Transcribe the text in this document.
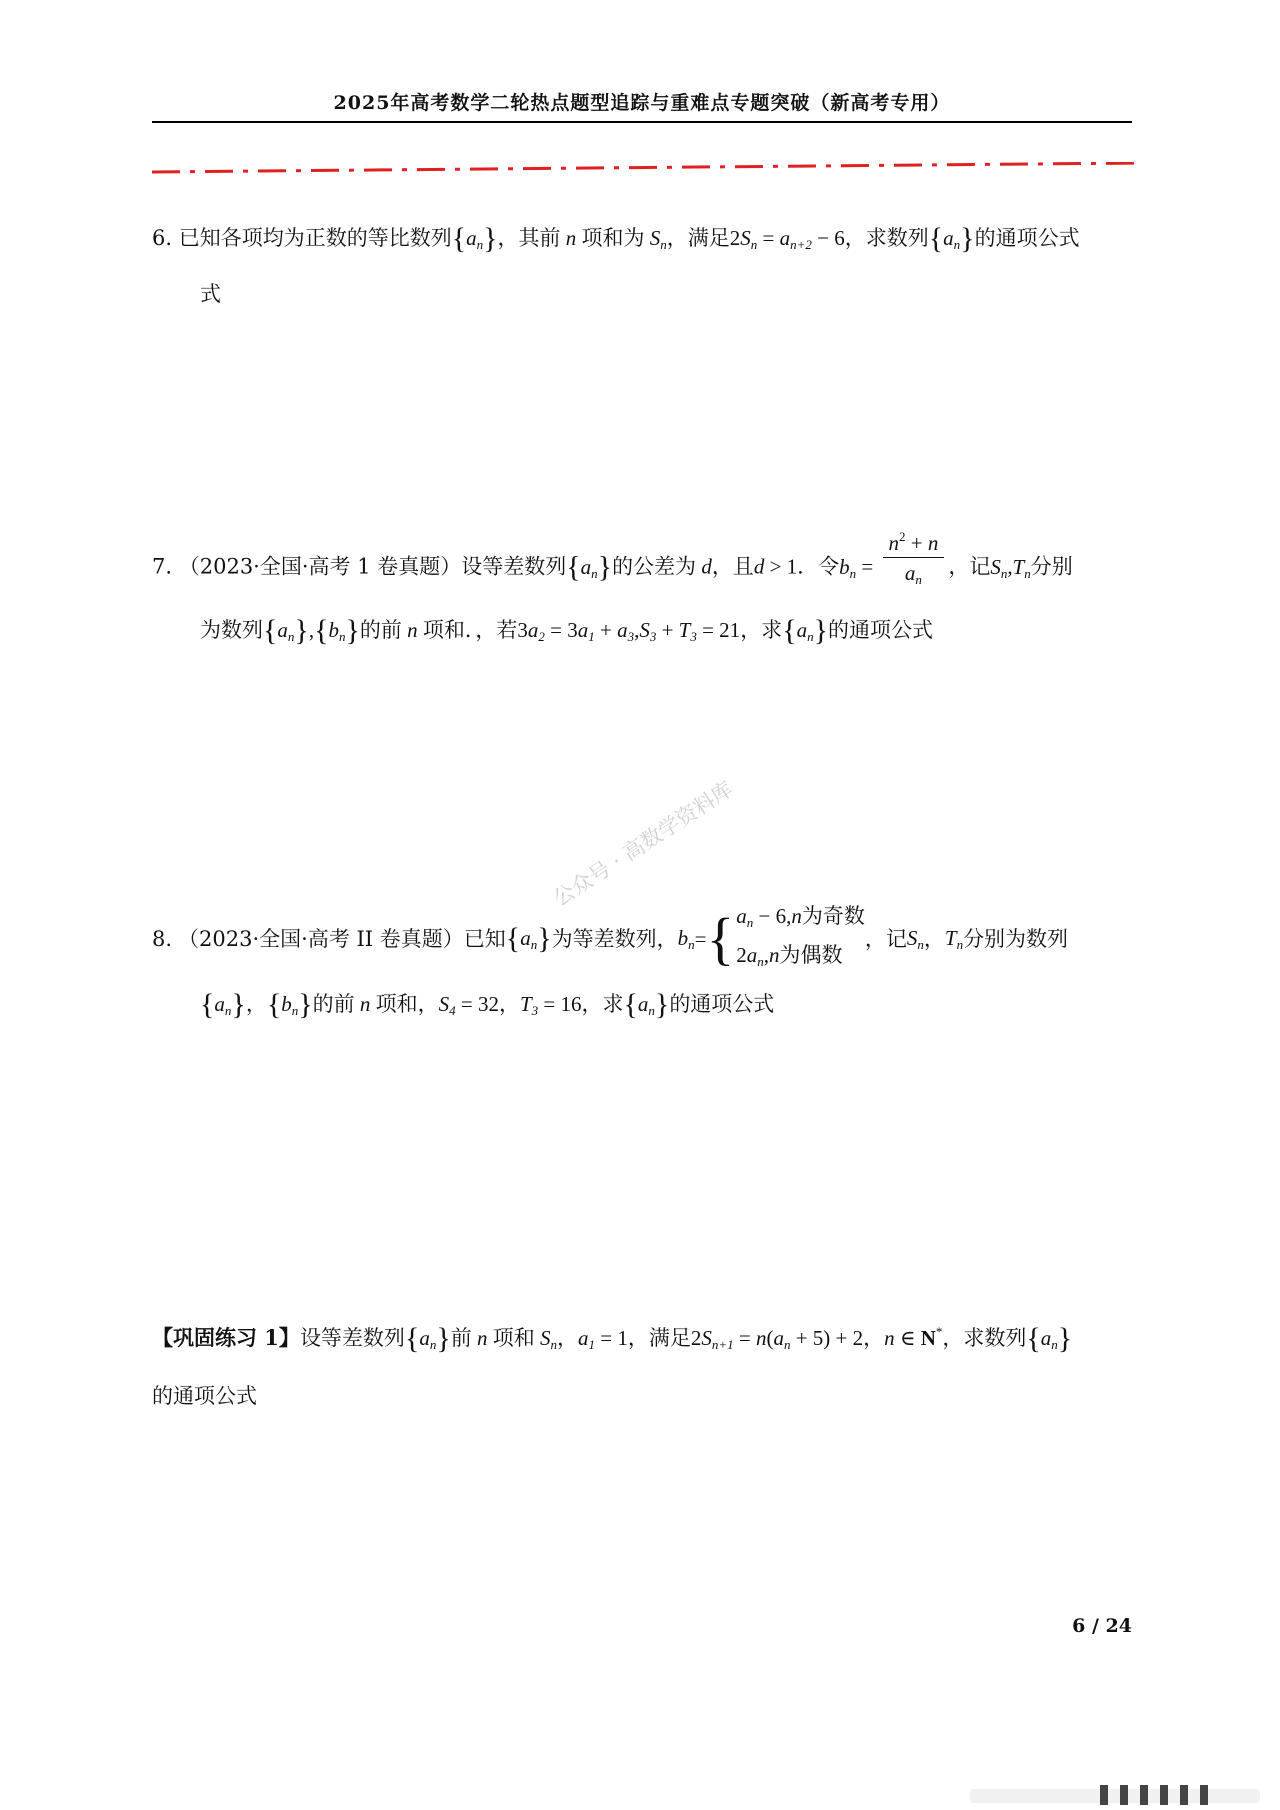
2025年高考数学二轮热点题型追踪与重难点专题突破（新高考专用）
6. 已知各项均为正数的等比数列$\{a_n\}$，其前 n 项和为 $S_n$，满足$2S_n = a_{n+2} - 6$，求数列$\{a_n\}$的通项公式
式
7. （2023·全国·高考 1 卷真题）设等差数列$\{a_n\}$的公差为 d，且d > 1．令$b_n = \frac{n^2 + n}{a_n}$ ，记$S_n,T_n$分别
为数列$\{a_n\},\{b_n\}$的前 n 项和．，若$3a_2 = 3a_1 + a_3,S_3 + T_3 = 21$，求$\{a_n\}$的通项公式
8. （2023·全国·高考 II 卷真题）已知 { $a_n$ } 为等差数列， $b_n$ = { $a_n - 6,n$为奇数
$2a_n,n$为偶数
，记 $S_n$ ， $T_n$ 分别为数列
$\{a_n\}$，$\{b_n\}$的前 n 项和，$S_4 = 32$，$T_3 = 16$，求$\{a_n\}$的通项公式
【巩固练习 1】设等差数列$\{a_n\}$前 n 项和 $S_n$，$a_1 = 1$，满足$2S_{n+1} = n(a_n + 5) + 2$，n ∈ N*，求数列$\{a_n\}$
的通项公式
公众号 · 高数学资料库
6 / 24
